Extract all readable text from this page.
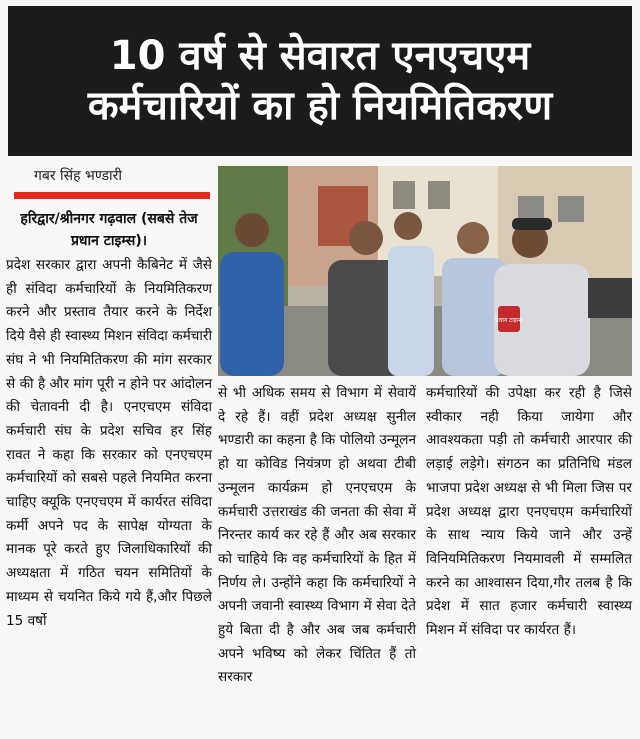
10 वर्ष से सेवारत एनएचएम
कर्मचारियों का हो नियमितिकरण
गबर सिंह भण्डारी
हरिद्वार/श्रीनगर गढ़वाल (सबसे तेज प्रधान टाइम्स)।

प्रदेश सरकार द्वारा अपनी कैबिनेट में जैसे ही संविदा कर्मचारियों के नियमितिकरण करने और प्रस्ताव तैयार करने के निर्देश दिये वैसे ही स्वास्थ्य मिशन संविदा कर्मचारी संघ ने भी नियमितिकरण की मांग सरकार से की है और मांग पूरी न होने पर आंदोलन की चेतावनी दी है। एनएचएम संविदा कर्मचारी संघ के प्रदेश सचिव हर सिंह रावत ने कहा कि सरकार को एनएचएम कर्मचारियों को सबसे पहले नियमित करना चाहिए क्यूकि एनएचएम में कार्यरत संविदा कर्मी अपने पद के सापेक्ष योग्यता के मानक पूरे करते हुए जिलाधिकारियों की अध्यक्षता में गठित चयन समितियों के माध्यम से चयनित किये गये हैं,और पिछले 15 वर्षो

प्रधान टाइम्स

से भी अधिक समय से विभाग में सेवायें दे रहे हैं। वहीं प्रदेश अध्यक्ष सुनील भण्डारी का कहना है कि पोलियो उन्मूलन हो या कोविड नियंत्रण हो अथवा टीबी उन्मूलन कार्यक्रम हो एनएचएम के कर्मचारी उत्तराखंड की जनता की सेवा में निरन्तर कार्य कर रहे हैं और अब सरकार को चाहिये कि वह कर्मचारियों के हित में निर्णय ले। उन्होंने कहा कि कर्मचारियों ने अपनी जवानी स्वास्थ्य विभाग में सेवा देते हुये बिता दी है और अब जब कर्मचारी अपने भविष्य को लेकर चिंतित हैं तो सरकार

कर्मचारियों की उपेक्षा कर रही है जिसे स्वीकार नही किया जायेगा और आवश्यकता पड़ी तो कर्मचारी आरपार की लड़ाई लड़ेगे। संगठन का प्रतिनिधि मंडल भाजपा प्रदेश अध्यक्ष से भी मिला जिस पर प्रदेश अध्यक्ष द्वारा एनएचएम कर्मचारियों के साथ न्याय किये जाने और उन्हें विनियमितिकरण नियमावली में सम्मलित करने का आश्वासन दिया,गौर तलब है कि प्रदेश में सात हजार कर्मचारी स्वास्थ्य मिशन में संविदा पर कार्यरत हैं।
